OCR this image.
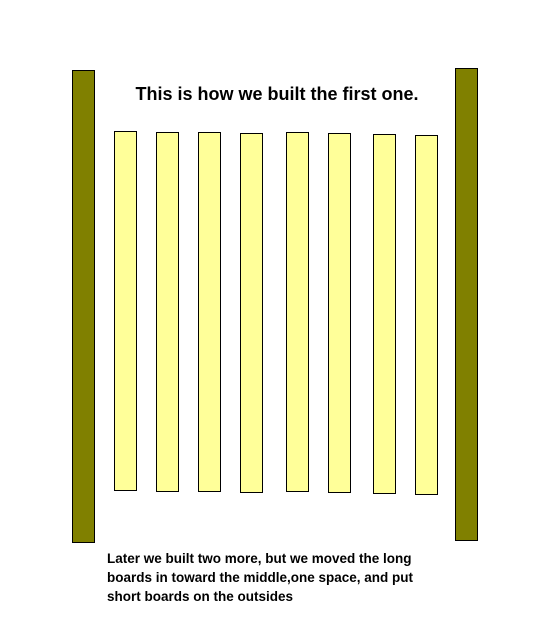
This is how we built the first one.
Later we built two more, but we moved the long
boards in toward the middle,one space, and put
short boards on the outsides
